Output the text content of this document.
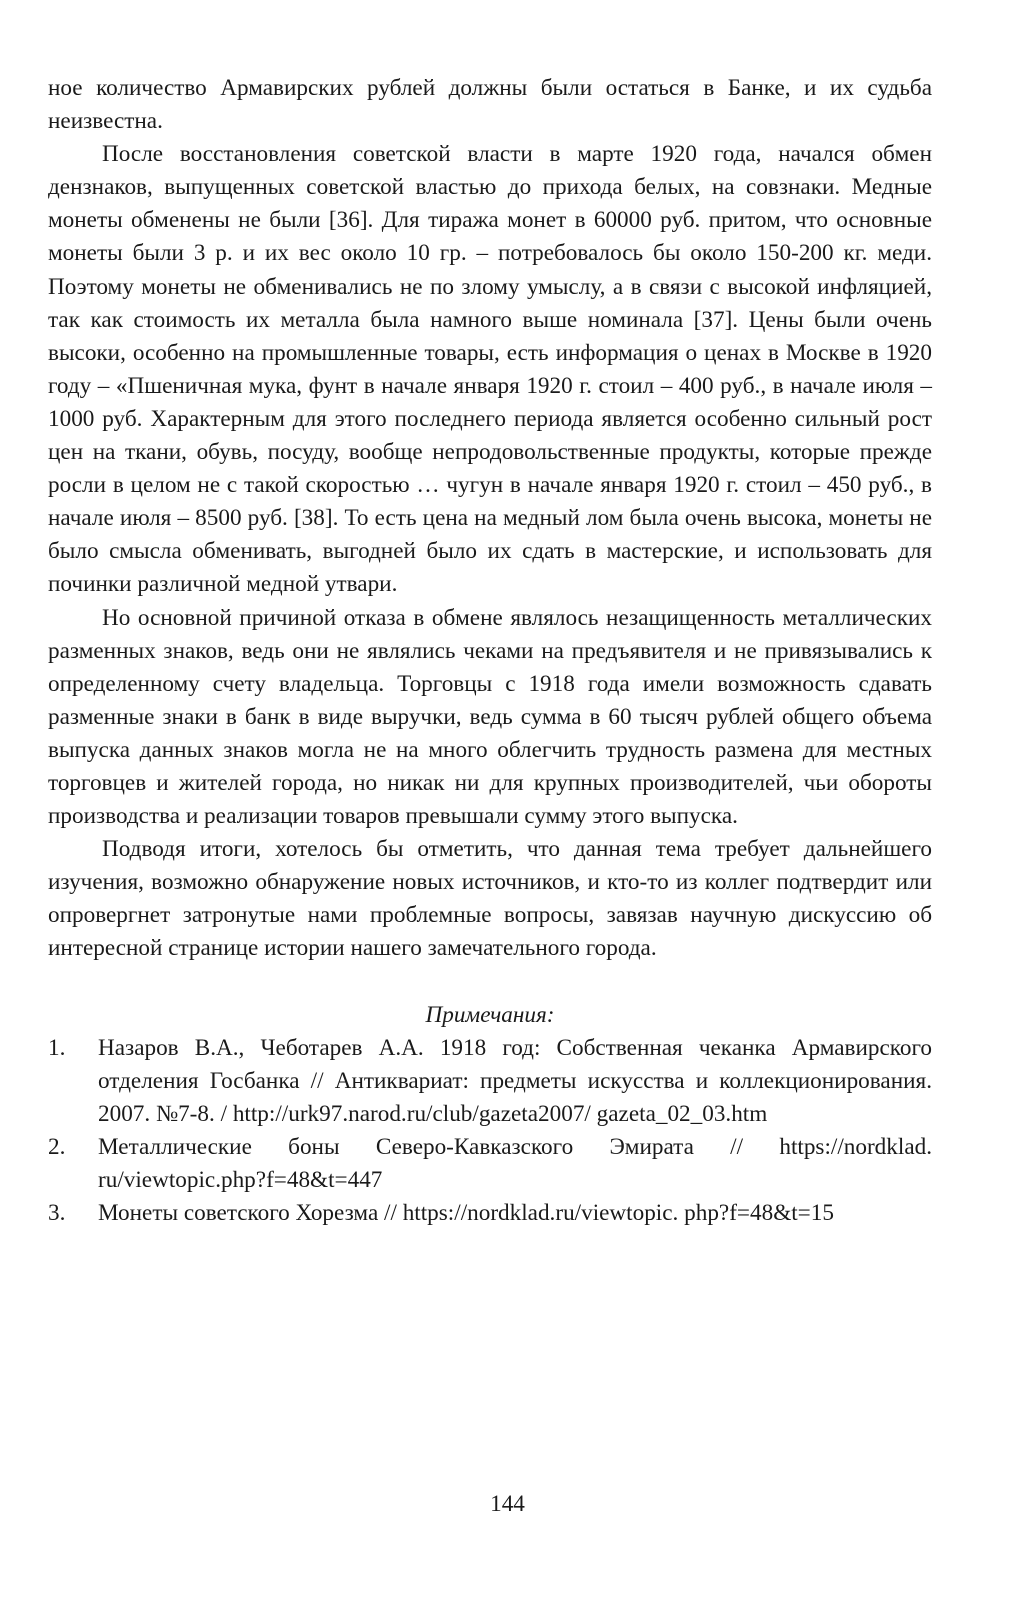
ное количество Армавирских рублей должны были остаться в Банке, и их судьба неизвестна.

После восстановления советской власти в марте 1920 года, начался обмен дензнаков, выпущенных советской властью до прихода белых, на совзнаки. Медные монеты обменены не были [36]. Для тиража монет в 60000 руб. притом, что основные монеты были 3 р. и их вес около 10 гр. – потребовалось бы около 150-200 кг. меди. Поэтому монеты не обменивались не по злому умыслу, а в связи с высокой инфляцией, так как стоимость их металла была намного выше номинала [37]. Цены были очень высоки, особенно на промышленные товары, есть информация о ценах в Москве в 1920 году – «Пшеничная мука, фунт в начале января 1920 г. стоил – 400 руб., в начале июля – 1000 руб. Характерным для этого последнего периода является особенно сильный рост цен на ткани, обувь, посуду, вообще непродовольственные продукты, которые прежде росли в целом не с такой скоростью … чугун в начале января 1920 г. стоил – 450 руб., в начале июля – 8500 руб. [38]. То есть цена на медный лом была очень высока, монеты не было смысла обменивать, выгодней было их сдать в мастерские, и использовать для починки различной медной утвари.

Но основной причиной отказа в обмене являлось незащищенность металлических разменных знаков, ведь они не являлись чеками на предъявителя и не привязывались к определенному счету владельца. Торговцы с 1918 года имели возможность сдавать разменные знаки в банк в виде выручки, ведь сумма в 60 тысяч рублей общего объема выпуска данных знаков могла не на много облегчить трудность размена для местных торговцев и жителей города, но никак ни для крупных производителей, чьи обороты производства и реализации товаров превышали сумму этого выпуска.

Подводя итоги, хотелось бы отметить, что данная тема требует дальнейшего изучения, возможно обнаружение новых источников, и кто-то из коллег подтвердит или опровергнет затронутые нами проблемные вопросы, завязав научную дискуссию об интересной странице истории нашего замечательного города.

Примечания:
1. Назаров В.А., Чеботарев А.А. 1918 год: Собственная чеканка Армавирского отделения Госбанка // Антиквариат: предметы искусства и коллекционирования. 2007. №7-8. / http://urk97.narod.ru/club/gazeta2007/ gazeta_02_03.htm
2. Металлические боны Северо-Кавказского Эмирата // https://nordklad. ru/viewtopic.php?f=48&t=447
3. Монеты советского Хорезма // https://nordklad.ru/viewtopic. php?f=48&t=15
144
